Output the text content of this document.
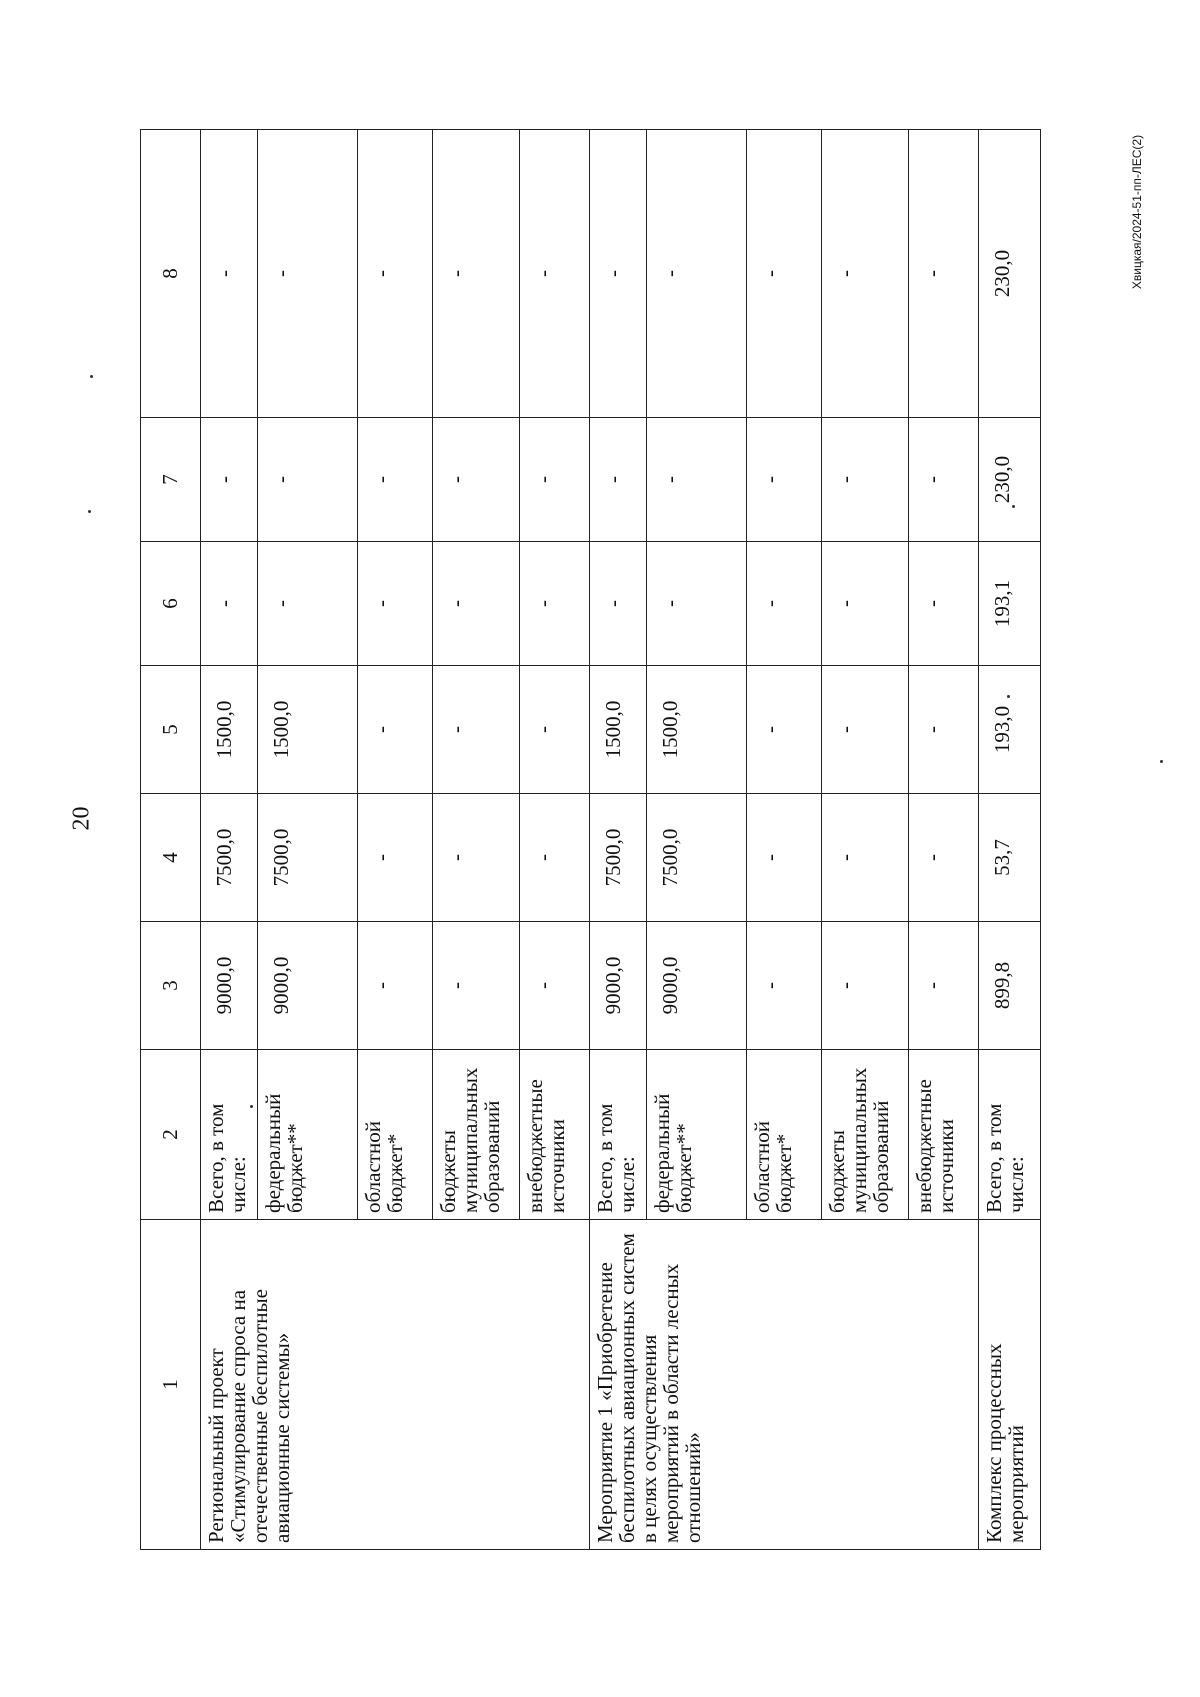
20
Хвицкая/2024-51-пп-ЛЕС(2)
1	2	3	4	5	6	7	8
Региональный проект «Стимулирование спроса на отечественные беспилотные авиационные системы»	Всего, в том числе:	9000,0	7500,0	1500,0	-	-	-
	федеральный бюджет**	9000,0	7500,0	1500,0	-	-	-
	областной бюджет*	-	-	-	-	-	-
	бюджеты муниципальных образований	-	-	-	-	-	-
	внебюджетные источники	-	-	-	-	-	-
Мероприятие 1 «Приобретение беспилотных авиационных систем в целях осуществления мероприятий в области лесных отношений»	Всего, в том числе:	9000,0	7500,0	1500,0	-	-	-
	федеральный бюджет**	9000,0	7500,0	1500,0	-	-	-
	областной бюджет*	-	-	-	-	-	-
	бюджеты муниципальных образований	-	-	-	-	-	-
	внебюджетные источники	-	-	-	-	-	-
Комплекс процессных мероприятий	Всего, в том числе:	899,8	53,7	193,0	193,1	230,0	230,0
